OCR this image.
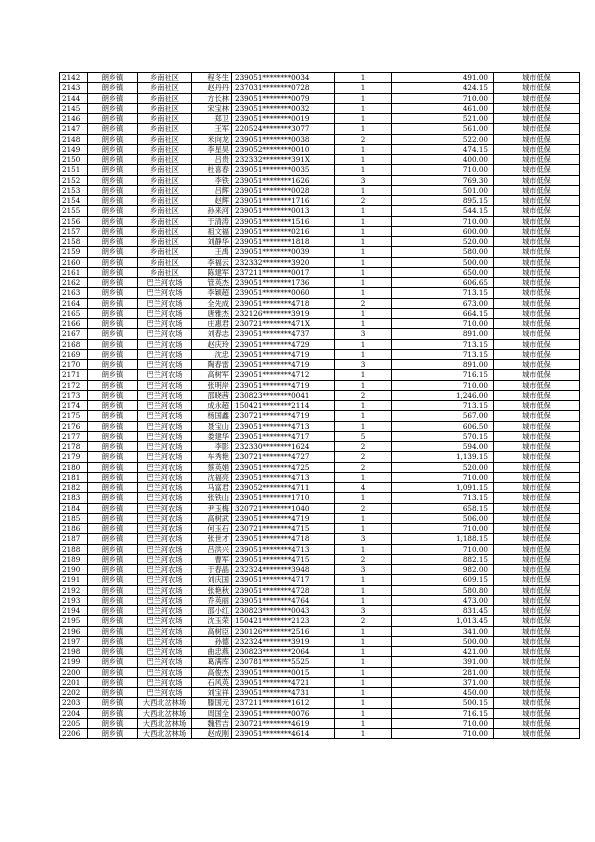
2142	朗乡镇	乡南社区	程冬生	239051********0034	1	491.00	城市低保
2143	朗乡镇	乡南社区	赵丹丹	237031********0728	1	424.15	城市低保
2144	朗乡镇	乡南社区	方长林	239051********0079	1	710.00	城市低保
2145	朗乡镇	乡南社区	宋宝林	239051********0032	1	461.00	城市低保
2146	朗乡镇	乡南社区	郑卫	239051********0019	1	521.00	城市低保
2147	朗乡镇	乡南社区	王军	220524********3077	1	561.00	城市低保
2148	朗乡镇	乡南社区	米向龙	239051********0038	2	522.00	城市低保
2149	朗乡镇	乡南社区	李星昊	239052********0010	1	474.15	城市低保
2150	朗乡镇	乡南社区	吕贵	232332********391X	1	400.00	城市低保
2151	朗乡镇	乡南社区	杜喜春	239051********0035	1	710.00	城市低保
2152	朗乡镇	乡南社区	李铁	239051********1626	3	769.30	城市低保
2153	朗乡镇	乡南社区	吕辉	239051********0028	1	501.00	城市低保
2154	朗乡镇	乡南社区	赵辉	239051********1716	2	895.15	城市低保
2155	朗乡镇	乡南社区	孙来河	239051********0013	1	544.15	城市低保
2156	朗乡镇	乡南社区	于清涛	239051********1516	1	710.00	城市低保
2157	朗乡镇	乡南社区	祖文福	239051********0216	1	600.00	城市低保
2158	朗乡镇	乡南社区	刘静华	239051********1818	1	520.00	城市低保
2159	朗乡镇	乡南社区	王禹	239051********0039	1	580.00	城市低保
2160	朗乡镇	乡南社区	李福云	232332********3920	1	500.00	城市低保
2161	朗乡镇	乡南社区	陈建军	237211********0017	1	650.00	城市低保
2162	朗乡镇	巴兰河农场	管英杰	239051********1736	1	606.65	城市低保
2163	朗乡镇	巴兰河农场	李颖超	239051********0060	1	713.15	城市低保
2164	朗乡镇	巴兰河农场	全先成	239051********4718	2	673.00	城市低保
2165	朗乡镇	巴兰河农场	唐雅杰	232126********3919	1	664.15	城市低保
2166	朗乡镇	巴兰河农场	庄惠君	230721********471X	1	710.00	城市低保
2167	朗乡镇	巴兰河农场	刘春志	239051********4737	3	891.00	城市低保
2168	朗乡镇	巴兰河农场	赵庆玲	239051********4729	1	713.15	城市低保
2169	朗乡镇	巴兰河农场	沈忠	239051********4719	1	713.15	城市低保
2170	朗乡镇	巴兰河农场	陶春雷	239051********4719	3	891.00	城市低保
2171	朗乡镇	巴兰河农场	高树军	239051********4712	1	716.15	城市低保
2172	朗乡镇	巴兰河农场	张明岸	239051********4719	1	710.00	城市低保
2173	朗乡镇	巴兰河农场	邵晓茜	230823********0041	2	1,246.00	城市低保
2174	朗乡镇	巴兰河农场	成永超	150421********2114	1	713.15	城市低保
2175	朗乡镇	巴兰河农场	杨国鑫	230721********4719	1	567.00	城市低保
2176	朗乡镇	巴兰河农场	聂宝山	239051********4713	1	606.50	城市低保
2177	朗乡镇	巴兰河农场	娄建华	239051********4717	5	570.15	城市低保
2178	朗乡镇	巴兰河农场	李影	232330********1624	2	594.00	城市低保
2179	朗乡镇	巴兰河农场	车秀艳	230721********4727	2	1,139.15	城市低保
2180	朗乡镇	巴兰河农场	蔡英娟	239051********4725	2	520.00	城市低保
2181	朗乡镇	巴兰河农场	沈福亮	239051********4713	1	710.00	城市低保
2182	朗乡镇	巴兰河农场	马富君	239052********4711	4	1,091.15	城市低保
2183	朗乡镇	巴兰河农场	张铁山	239051********1710	1	713.15	城市低保
2184	朗乡镇	巴兰河农场	尹玉梅	320721********1040	2	658.15	城市低保
2185	朗乡镇	巴兰河农场	高树武	239051********4719	1	506.00	城市低保
2186	朗乡镇	巴兰河农场	何玉石	230721********4715	1	710.00	城市低保
2187	朗乡镇	巴兰河农场	张世才	239051********4718	3	1,188.15	城市低保
2188	朗乡镇	巴兰河农场	吕洪兴	239051********4713	1	710.00	城市低保
2189	朗乡镇	巴兰河农场	曹军	239051********4715	2	882.15	城市低保
2190	朗乡镇	巴兰河农场	于春晶	232324********3948	3	982.00	城市低保
2191	朗乡镇	巴兰河农场	刘庆国	239051********4717	1	609.15	城市低保
2192	朗乡镇	巴兰河农场	张艳秋	239051********4728	1	580.80	城市低保
2193	朗乡镇	巴兰河农场	乔英丽	239051********4764	1	473.00	城市低保
2194	朗乡镇	巴兰河农场	邵小红	230823********0043	3	831.45	城市低保
2195	朗乡镇	巴兰河农场	沈玉荣	150421********2123	2	1,013.45	城市低保
2196	朗乡镇	巴兰河农场	高树臣	230126********2516	1	341.00	城市低保
2197	朗乡镇	巴兰河农场	孙德	232324********3919	1	500.00	城市低保
2198	朗乡镇	巴兰河农场	曲忠燕	230823********2064	1	421.00	城市低保
2199	朗乡镇	巴兰河农场	葛满库	230781********5525	1	391.00	城市低保
2200	朗乡镇	巴兰河农场	高俊杰	239051********0015	1	281.00	城市低保
2201	朗乡镇	巴兰河农场	石风英	239051********4721	1	371.00	城市低保
2202	朗乡镇	巴兰河农场	刘宝祥	239051********4731	1	450.00	城市低保
2203	朗乡镇	大西北岔林场	滕国元	237211********1612	1	500.15	城市低保
2204	朗乡镇	大西北岔林场	周国全	239051********0076	1	716.15	城市低保
2205	朗乡镇	大西北岔林场	魏哲吉	230721********4619	1	710.00	城市低保
2206	朗乡镇	大西北岔林场	赵成刚	239051********4614	1	710.00	城市低保
